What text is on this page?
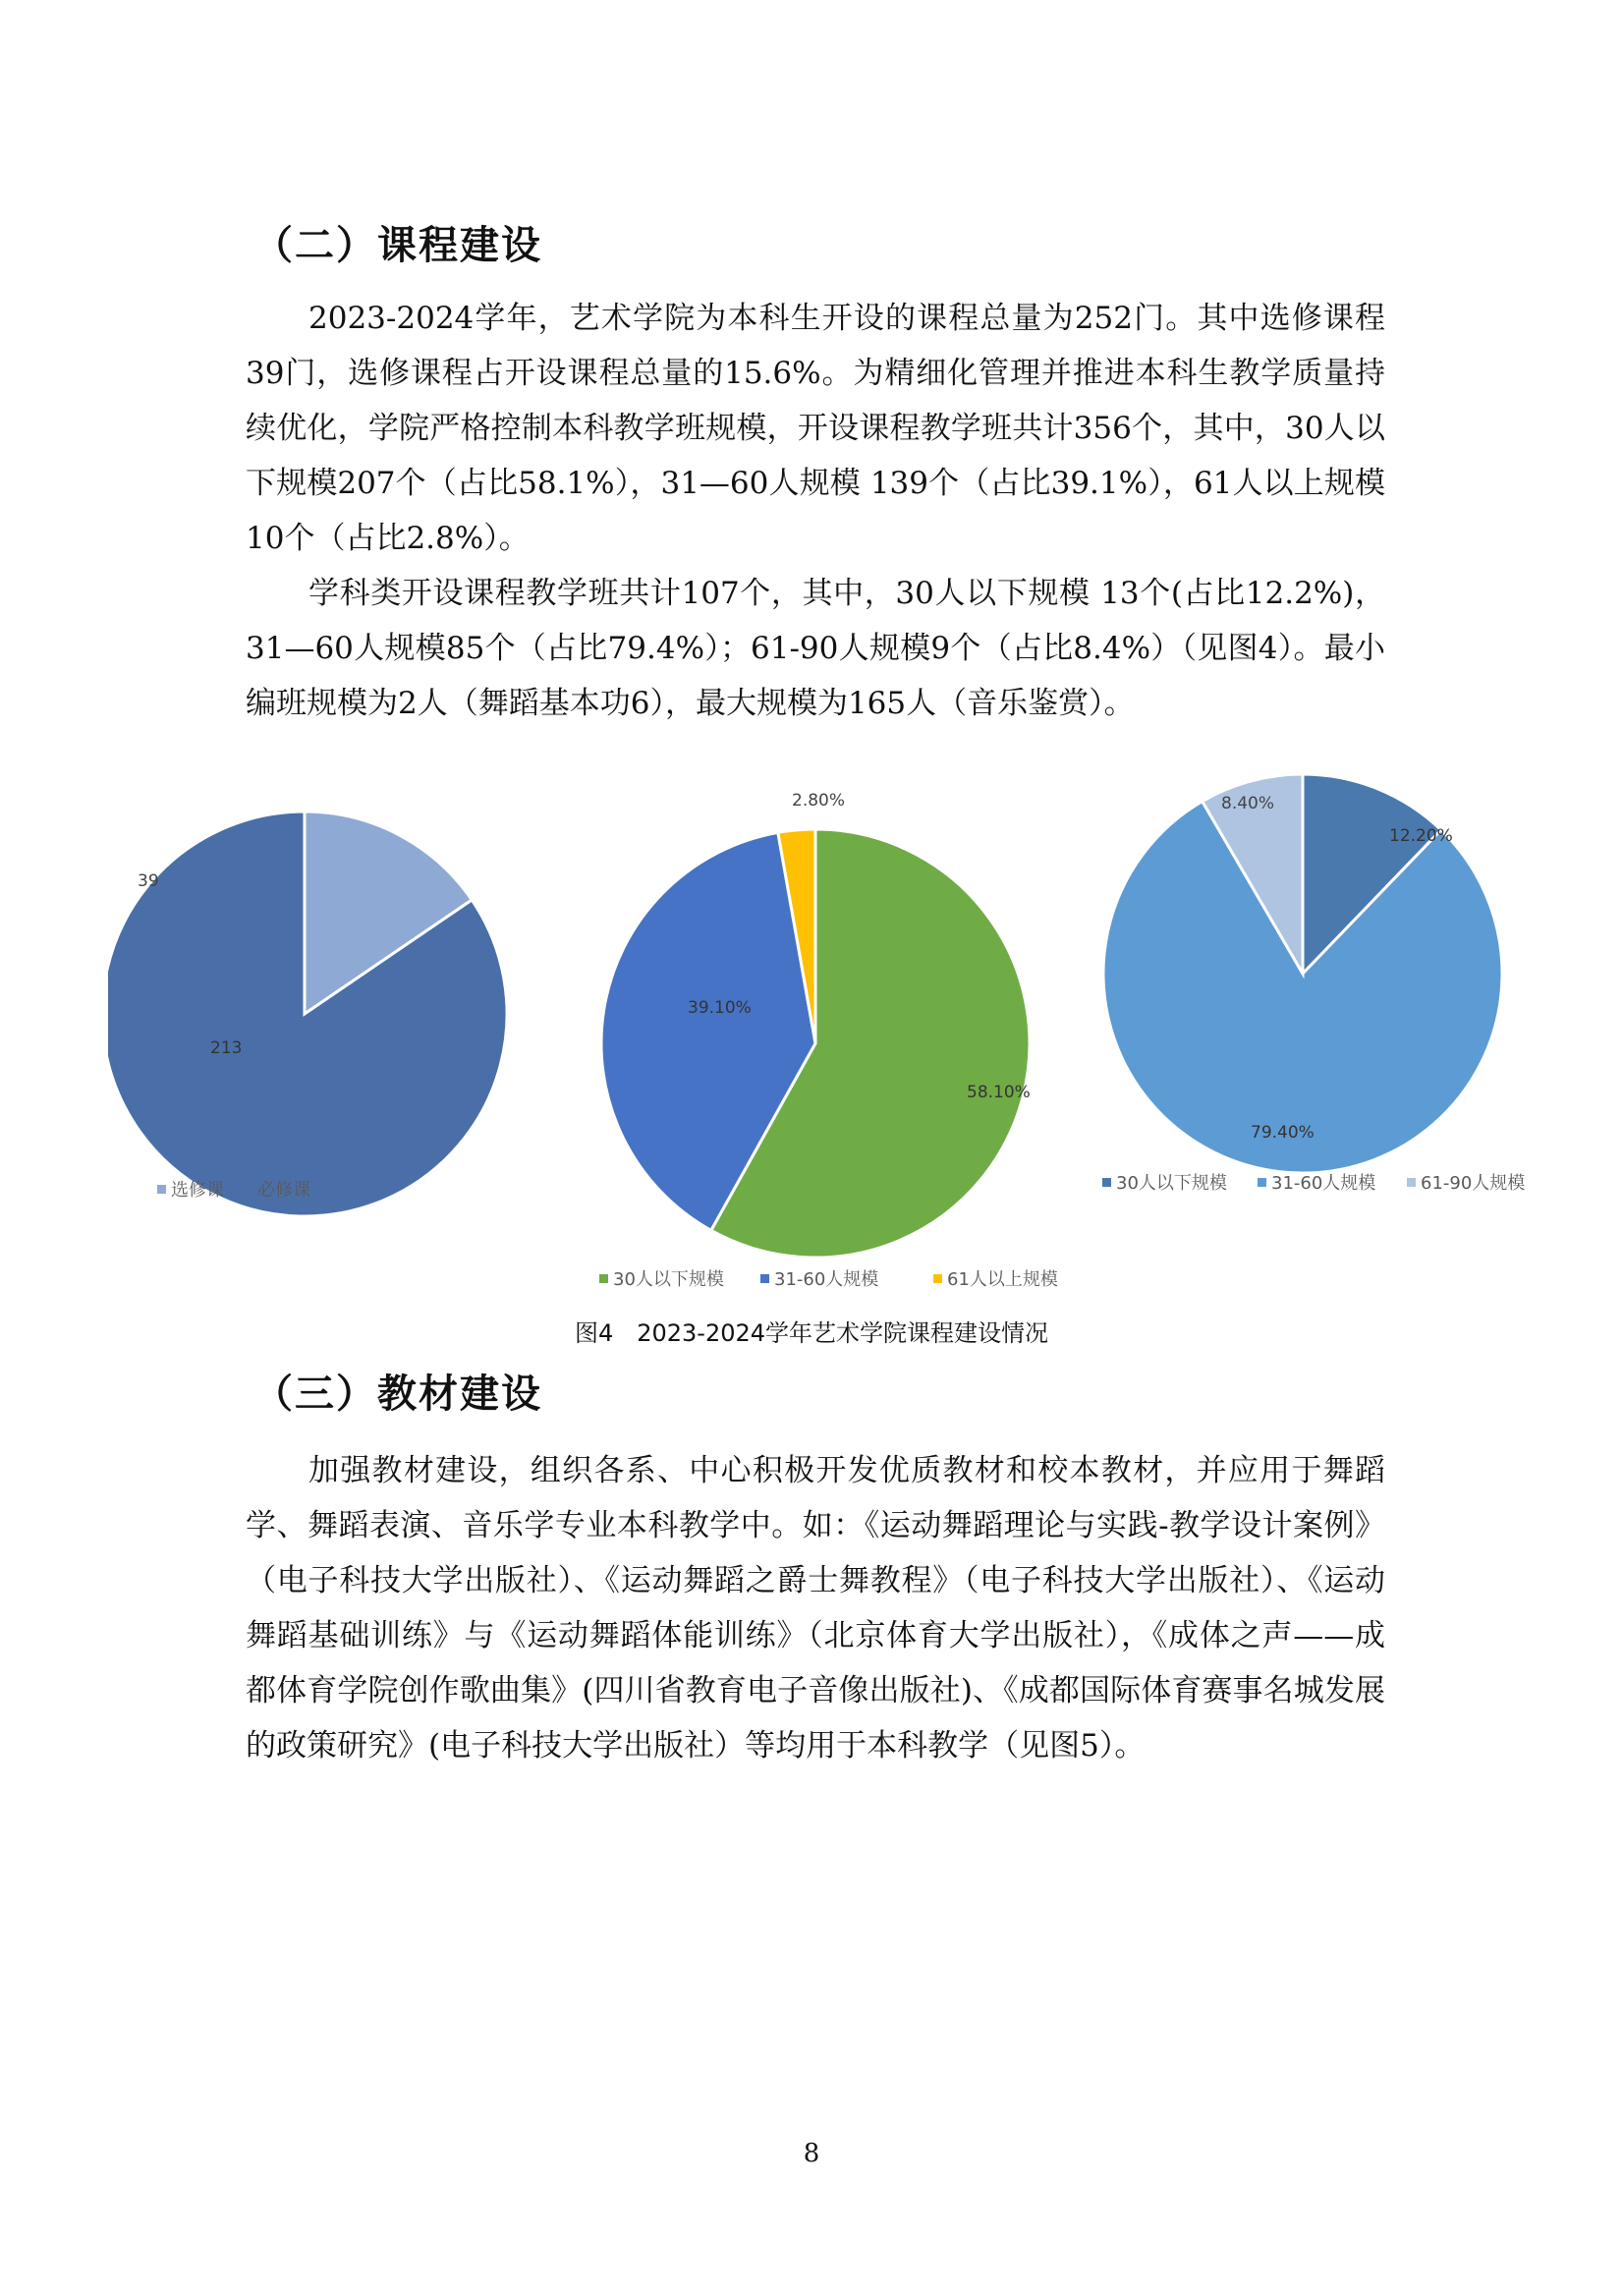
（二）课程建设

2023-2024学年，艺术学院为本科生开设的课程总量为252门。其中选修课程39门，选修课程占开设课程总量的15.6%。为精细化管理并推进本科生教学质量持续优化，学院严格控制本科教学班规模，开设课程教学班共计356个，其中，30人以下规模207个（占比58.1%），31—60人规模 139个（占比39.1%），61人以上规模10个（占比2.8%）。

学科类开设课程教学班共计107个，其中，30人以下规模 13个(占比12.2%)，31—60人规模85个（占比79.4%）；61-90人规模9个（占比8.4%）（见图4）。最小编班规模为2人（舞蹈基本功6），最大规模为165人（音乐鉴赏）。

39
213
选修课 必修课
58.10%
39.10%
2.80%
30人以下规模	31-60人规模	61人以上规模
12.20%
79.40%
8.40%
30人以下规模	31-60人规模	61-90人规模
图4　2023-2024学年艺术学院课程建设情况
（三）教材建设

加强教材建设，组织各系、中心积极开发优质教材和校本教材，并应用于舞蹈学、舞蹈表演、音乐学专业本科教学中。如：《运动舞蹈理论与实践-教学设计案例》（电子科技大学出版社）、《运动舞蹈之爵士舞教程》（电子科技大学出版社）、《运动舞蹈基础训练》与《运动舞蹈体能训练》（北京体育大学出版社），《成体之声——成都体育学院创作歌曲集》(四川省教育电子音像出版社)、《成都国际体育赛事名城发展的政策研究》(电子科技大学出版社）等均用于本科教学（见图5）。

8
